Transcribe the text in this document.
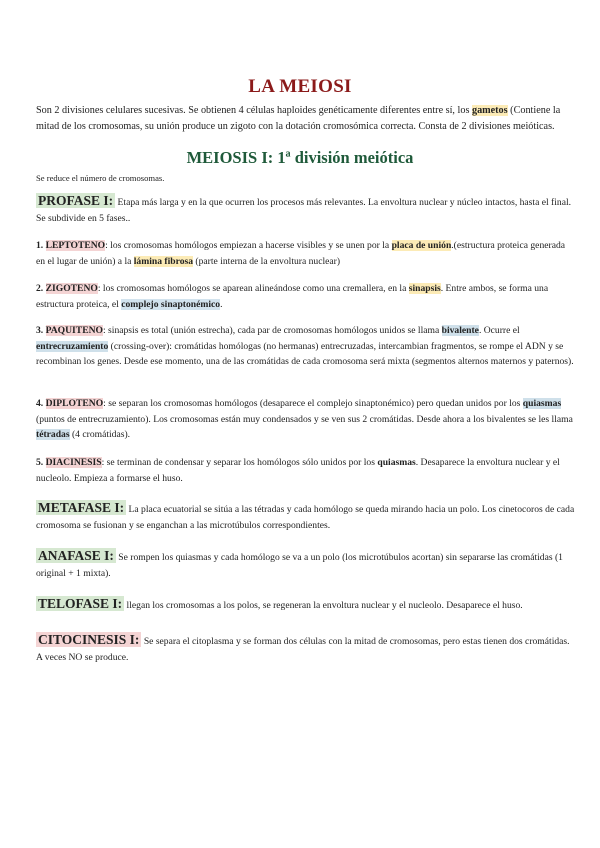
LA MEIOSI

Son 2 divisiones celulares sucesivas. Se obtienen 4 células haploides genéticamente diferentes entre sí, los gametos (Contiene la mitad de los cromosomas, su unión produce un zigoto con la dotación cromosómica correcta. Consta de 2 divisiones meióticas.

MEIOSIS I: 1ª división meiótica
Se reduce el número de cromosomas.

PROFASE I: Etapa más larga y en la que ocurren los procesos más relevantes. La envoltura nuclear y núcleo intactos, hasta el final. Se subdivide en 5 fases..

1. LEPTOTENO: los cromosomas homólogos empiezan a hacerse visibles y se unen por la placa de unión.(estructura proteica generada en el lugar de unión) a la lámina fibrosa (parte interna de la envoltura nuclear)

2. ZIGOTENO: los cromosomas homólogos se aparean alineándose como una cremallera, en la sinapsis. Entre ambos, se forma una estructura proteica, el complejo sinaptonémico.

3. PAQUITENO: sinapsis es total (unión estrecha), cada par de cromosomas homólogos unidos se llama bivalente. Ocurre el entrecruzamiento (crossing-over): cromátidas homólogas (no hermanas) entrecruzadas, intercambian fragmentos, se rompe el ADN y se recombinan los genes. Desde ese momento, una de las cromátidas de cada cromosoma será mixta (segmentos alternos maternos y paternos).

4. DIPLOTENO: se separan los cromosomas homólogos (desaparece el complejo sinaptonémico) pero quedan unidos por los quiasmas (puntos de entrecruzamiento). Los cromosomas están muy condensados y se ven sus 2 cromátidas. Desde ahora a los bivalentes se les llama tétradas (4 cromátidas).

5. DIACINESIS: se terminan de condensar y separar los homólogos sólo unidos por los quiasmas. Desaparece la envoltura nuclear y el nucleolo. Empieza a formarse el huso.

METAFASE I: La placa ecuatorial se sitúa a las tétradas y cada homólogo se queda mirando hacia un polo. Los cinetocoros de cada cromosoma se fusionan y se enganchan a las microtúbulos correspondientes.

ANAFASE I: Se rompen los quiasmas y cada homólogo se va a un polo (los microtúbulos acortan) sin separarse las cromátidas (1 original + 1 mixta).

TELOFASE I: llegan los cromosomas a los polos, se regeneran la envoltura nuclear y el nucleolo. Desaparece el huso.

CITOCINESIS I: Se separa el citoplasma y se forman dos células con la mitad de cromosomas, pero estas tienen dos cromátidas. A veces NO se produce.
